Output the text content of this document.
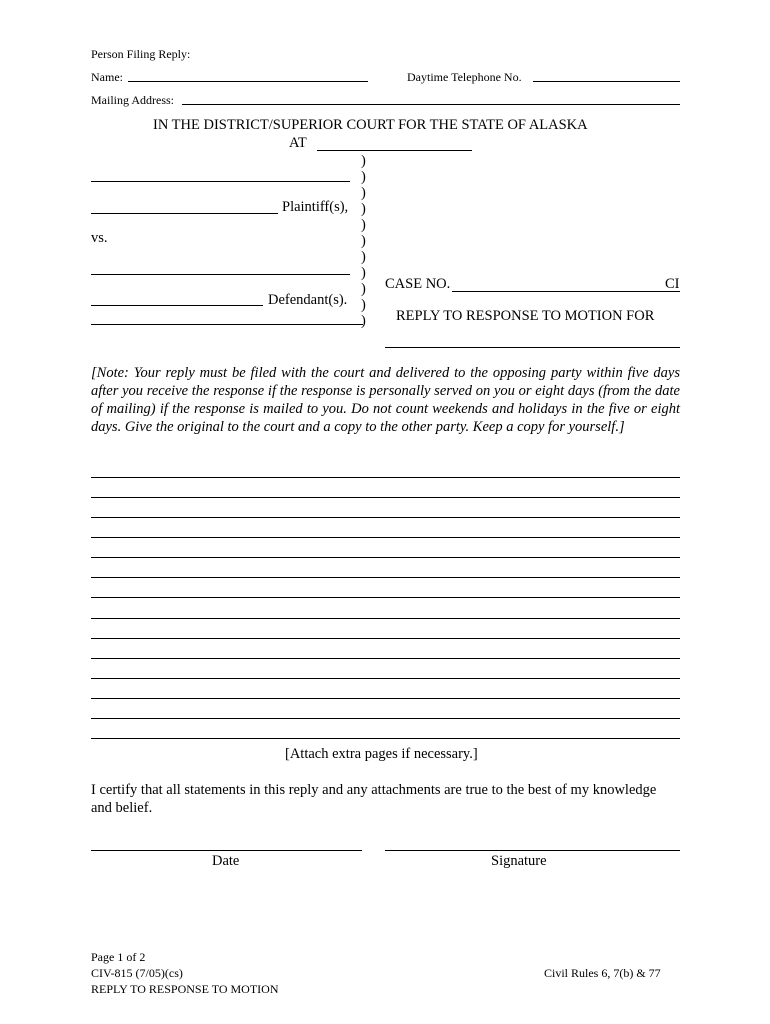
Person Filing Reply:
Name:	Daytime Telephone No.
Mailing Address:
IN THE DISTRICT/SUPERIOR COURT FOR THE STATE OF ALASKA
AT
)
)
)
)
)
)
)
)
)
)
)
Plaintiff(s),
vs.
Defendant(s).
CASE NO.	CI
REPLY TO RESPONSE TO MOTION FOR
[Note: Your reply must be filed with the court and delivered to the opposing party within five days after you receive the response if the response is personally served on you or eight days (from the date of mailing) if the response is mailed to you. Do not count weekends and holidays in the five or eight days. Give the original to the court and a copy to the other party. Keep a copy for yourself.]
[Attach extra pages if necessary.]
I certify that all statements in this reply and any attachments are true to the best of my knowledge and belief.
Date	Signature
Page 1 of 2
CIV-815 (7/05)(cs)
REPLY TO RESPONSE TO MOTION
Civil Rules 6, 7(b) & 77
